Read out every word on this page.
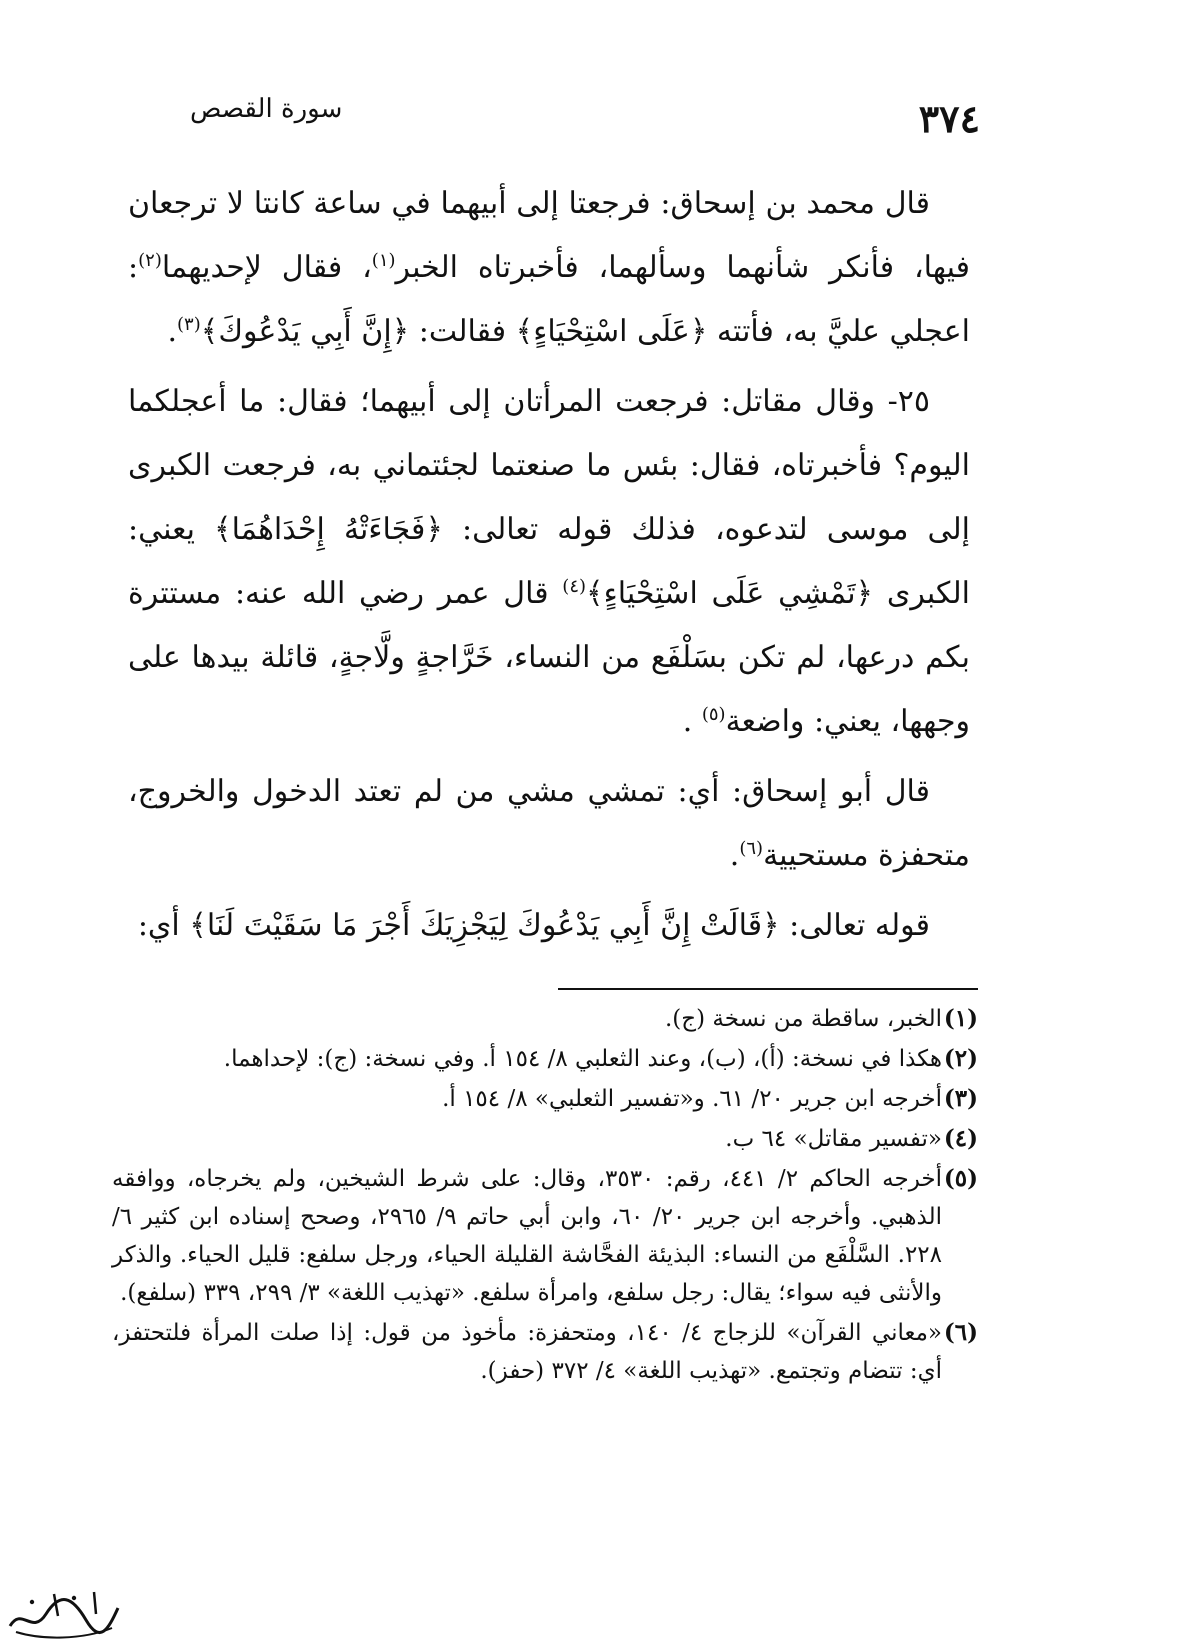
٣٧٤
سورة القصص

قال محمد بن إسحاق: فرجعتا إلى أبيهما في ساعة كانتا لا ترجعان فيها، فأنكر شأنهما وسألهما، فأخبرتاه الخبر$^{(١)}$، فقال لإحديهما$^{(٢)}$: اعجلي عليَّ به، فأتته ﴿عَلَى اسْتِحْيَاءٍ﴾ فقالت: ﴿إِنَّ أَبِي يَدْعُوكَ﴾$^{(٣)}$.

٢٥- وقال مقاتل: فرجعت المرأتان إلى أبيهما؛ فقال: ما أعجلكما اليوم؟ فأخبرتاه، فقال: بئس ما صنعتما لجئتماني به، فرجعت الكبرى إلى موسى لتدعوه، فذلك قوله تعالى: ﴿فَجَاءَتْهُ إِحْدَاهُمَا﴾ يعني: الكبرى ﴿تَمْشِي عَلَى اسْتِحْيَاءٍ﴾$^{(٤)}$ قال عمر رضي الله عنه: مستترة بكم درعها، لم تكن بسَلْفَع من النساء، خَرَّاجةٍ ولَّاجةٍ، قائلة بيدها على وجهها، يعني: واضعة$^{(٥)}$ .

قال أبو إسحاق: أي: تمشي مشي من لم تعتد الدخول والخروج، متحفزة مستحيية$^{(٦)}$.

قوله تعالى: ﴿قَالَتْ إِنَّ أَبِي يَدْعُوكَ لِيَجْزِيَكَ أَجْرَ مَا سَقَيْتَ لَنَا﴾ أي:

(١)
الخبر، ساقطة من نسخة (ج).
(٢)
هكذا في نسخة: (أ)، (ب)، وعند الثعلبي ٨/ ١٥٤ أ. وفي نسخة: (ج): لإحداهما.
(٣)
أخرجه ابن جرير ٢٠/ ٦١. و«تفسير الثعلبي» ٨/ ١٥٤ أ.
(٤)
«تفسير مقاتل» ٦٤ ب.
(٥)
أخرجه الحاكم ٢/ ٤٤١، رقم: ٣٥٣٠، وقال: على شرط الشيخين، ولم يخرجاه، ووافقه الذهبي. وأخرجه ابن جرير ٢٠/ ٦٠، وابن أبي حاتم ٩/ ٢٩٦٥، وصحح إسناده ابن كثير ٦/ ٢٢٨. السَّلْفَع من النساء: البذيئة الفحَّاشة القليلة الحياء، ورجل سلفع: قليل الحياء. والذكر والأنثى فيه سواء؛ يقال: رجل سلفع، وامرأة سلفع. «تهذيب اللغة» ٣/ ٢٩٩، ٣٣٩ (سلفع).
(٦)
«معاني القرآن» للزجاج ٤/ ١٤٠، ومتحفزة: مأخوذ من قول: إذا صلت المرأة فلتحتفز، أي: تتضام وتجتمع. «تهذيب اللغة» ٤/ ٣٧٢ (حفز).
